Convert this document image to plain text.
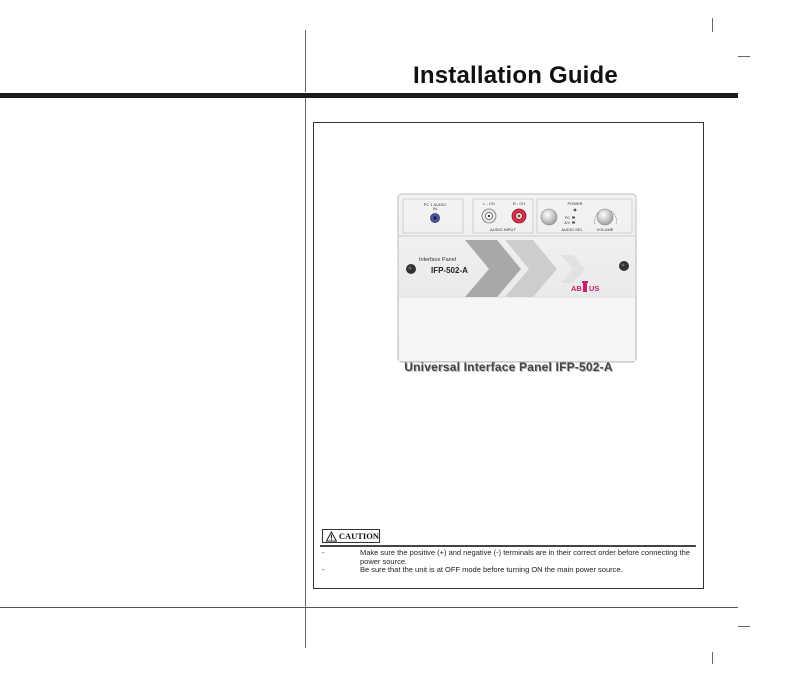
Installation Guide
PC 1 AUDIO
IN
L - CH	R - CH
AUDIO INPUT
POWER
PC
A/V
AUDIO SEL	VOLUME
Interface Panel
IFP-502-A
AB US
Universal Interface Panel IFP-502-A
CAUTION
-	Make sure the positive (+) and negative (-) terminals are in their correct order before connecting the power source.
-	Be sure that the unit is at OFF mode before turning ON the main power source.
